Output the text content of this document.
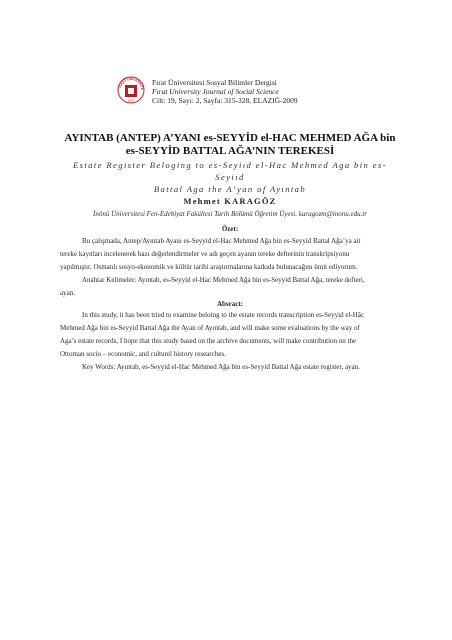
FIRAT ÜNİVERSİTE
1975
Fırat Üniversitesi Sosyal Bilimler Dergisi
Fırat University Journal of Social Science
Cilt: 19, Sayı: 2, Sayfa: 315-328, ELAZIĞ-2009
AYINTAB (ANTEP) A’YANI es-SEYYİD el-HAC MEHMED AĞA bin
es-SEYYİD BATTAL AĞA’NIN TEREKESİ
Estate Register Beloging to es-Seyiıd el-Hac Mehmed Aga bin es-Seyiıd
Battal Aga the A’yan of Ayıntab
Mehmet KARAGÖZ
İnönü Üniversitesi Fen-Edebiyat Fakültesi Tarih Bölümü Öğretim Üyesi. karagozm@inonu.edu.tr
Özet:
Bu çalışmada, Antep/Ayıntab Ayanı es-Seyyid el-Hac Mehmed Ağa bin es-Seyyid Battal Ağa’ya ait
tereke kayıtları incelenerek bazı değerlendirmeler ve adı geçen ayanın tereke defterinin transkripsiyonu
yapılmıştır. Osmanlı sosyo-ekonomik ve kültür tarihi araştırmalarına katkıda bulunacağını ümit ediyorum.
Anahtar Kelimeler: Ayıntab, es-Seyyid el-Hac Mehmed Ağa bin es-Seyyid Battal Ağa, tereke defteri,
ayan.
Absract:
In this study, it has been tried to examine beloing to the estate records transcription es-Seyyid el-Hâc
Mehmed Ağa bin es-Seyyid Battal Ağa the Ayan of Ayıntab, and will make some evaluations by the way of
Aga’s estate records, I hope that this study based on the archive documents, will make contribution on the
Ottoman socio – economic, and culturel history researches.
Key Words: Ayıntab, es-Seyyid el-Hac Mehmed Ağa bin es-Seyyid Battal Ağa estate register, ayan.
